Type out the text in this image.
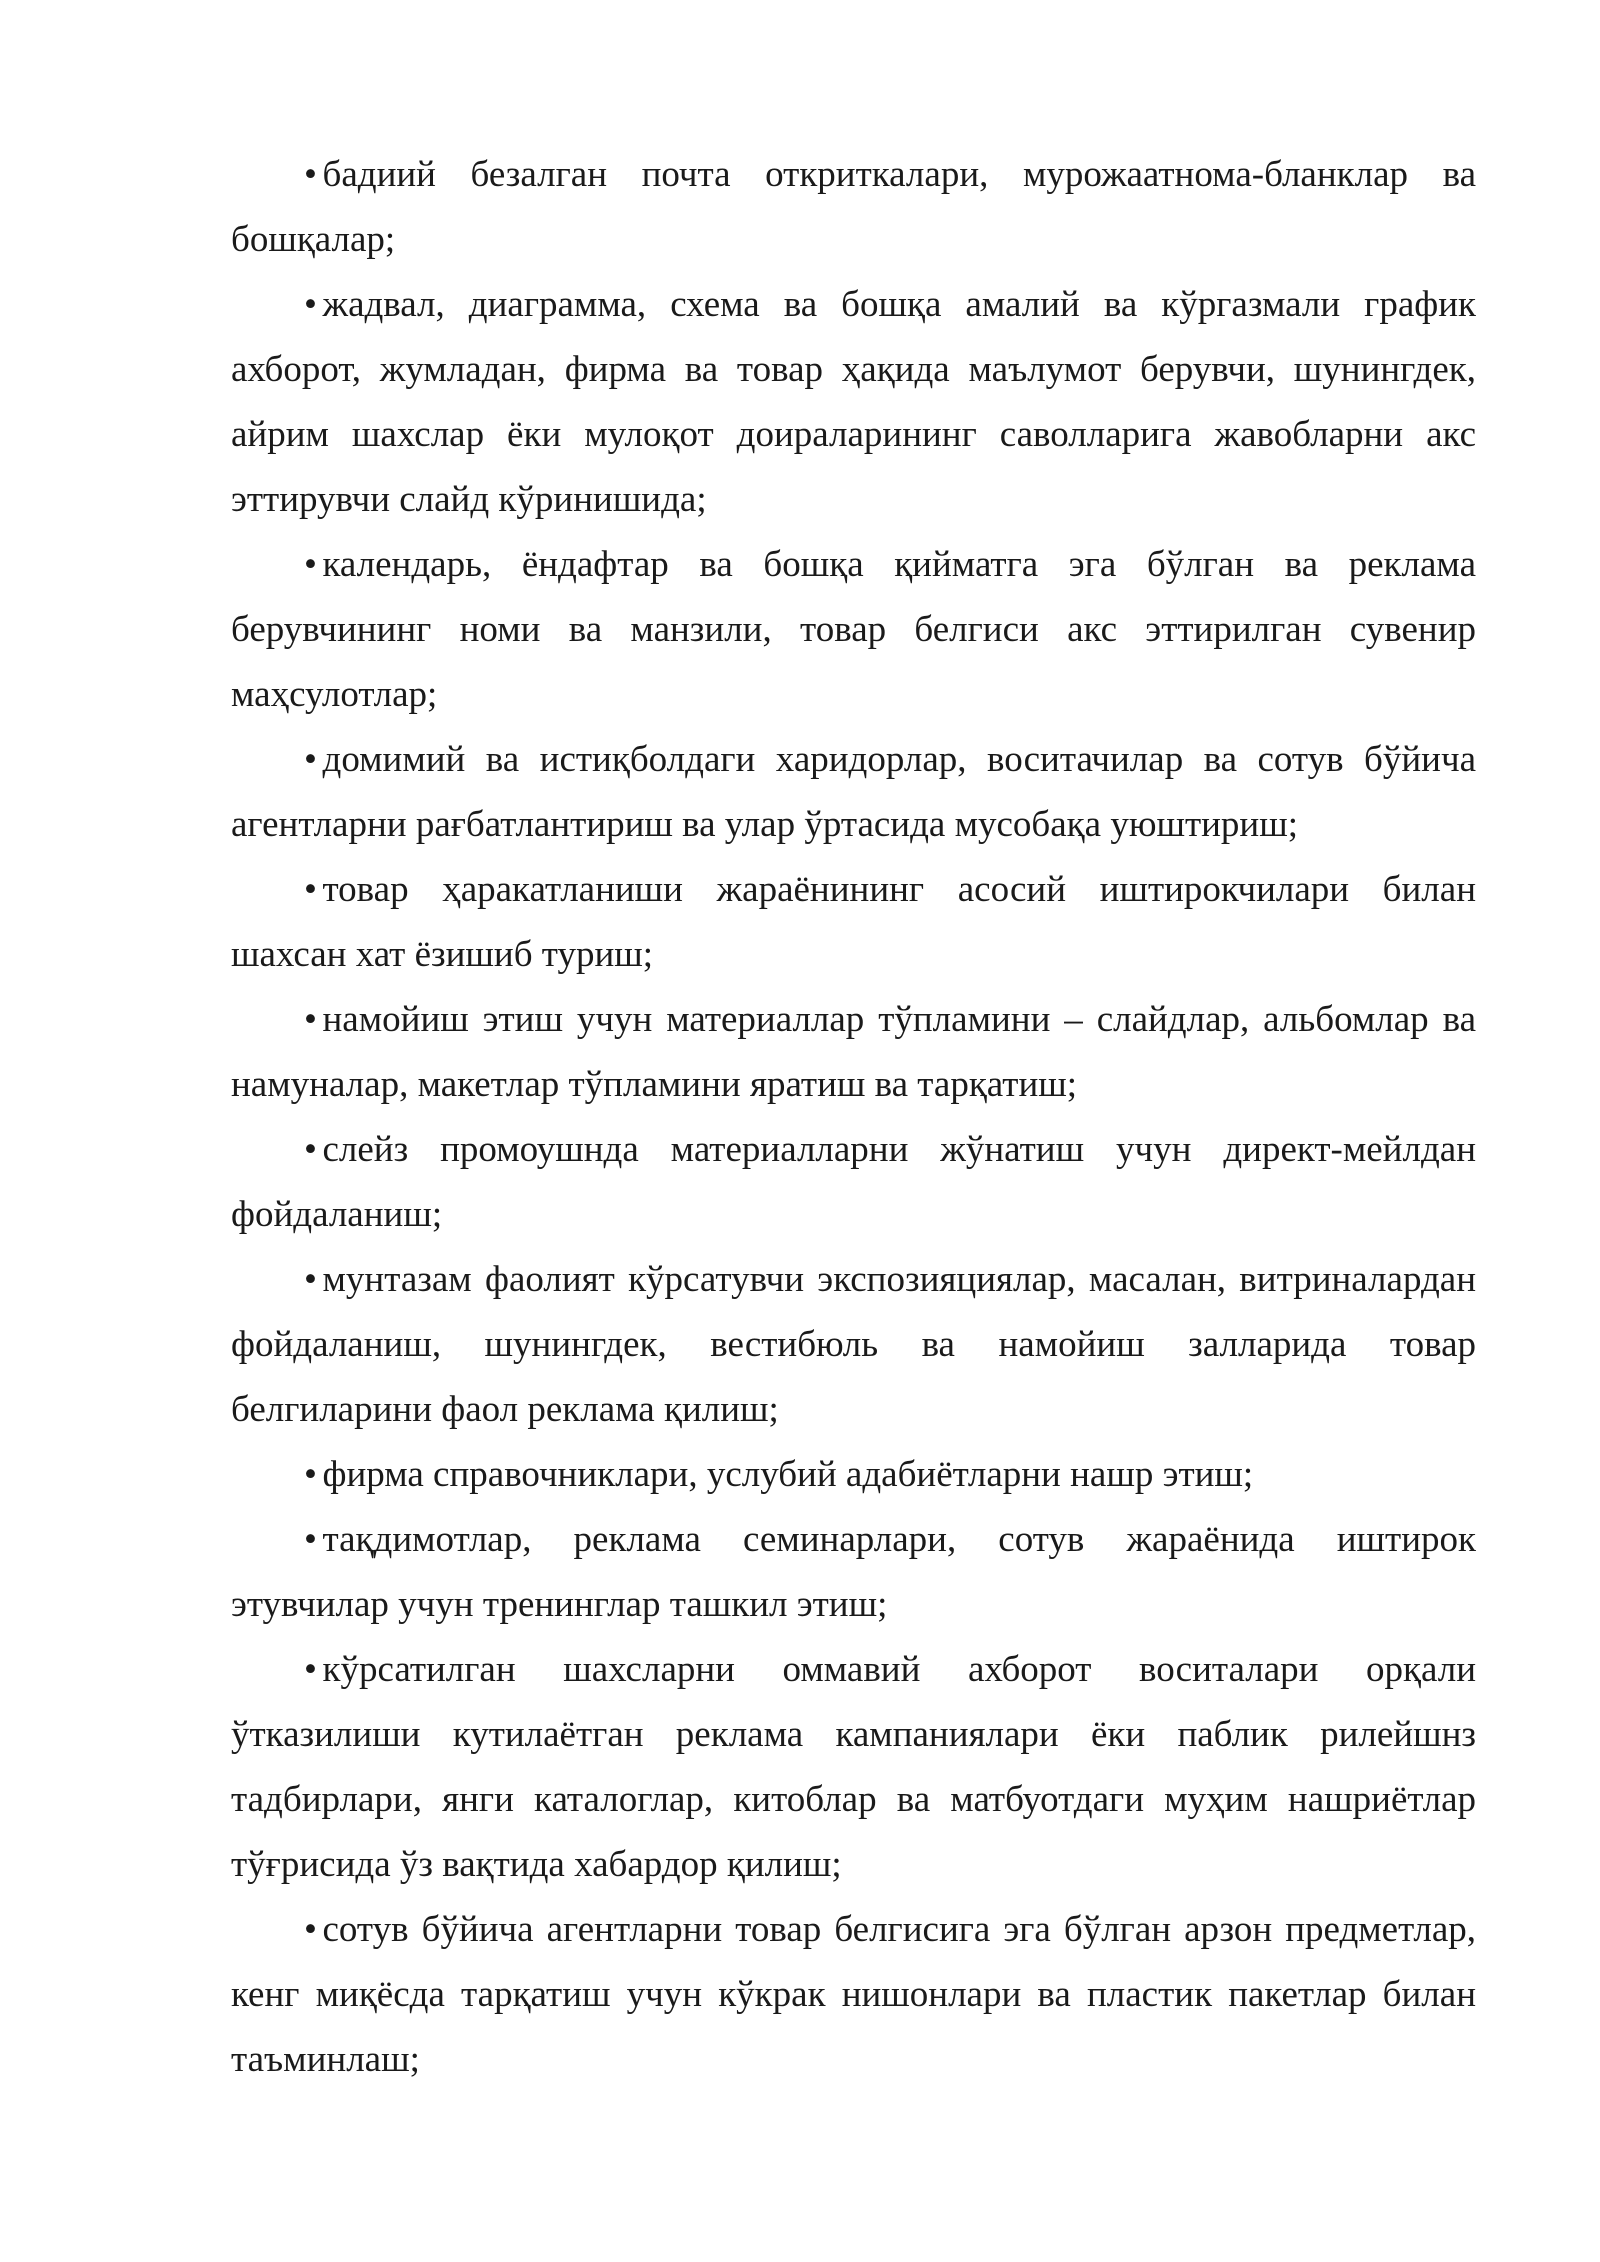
• бадиий безалган почта откриткалари, мурожаатнома-бланклар ва бошқалар;

• жадвал, диаграмма, схема ва бошқа амалий ва кўргазмали график ахборот, жумладан, фирма ва товар ҳақида маълумот берувчи, шунингдек, айрим шахслар ёки мулоқот доираларининг саволларига жавобларни акс эттирувчи слайд кўринишида;

• календарь, ёндафтар ва бошқа қийматга эга бўлган ва реклама берувчининг номи ва манзили, товар белгиси акс эттирилган сувенир маҳсулотлар;

• домимий ва истиқболдаги харидорлар, воситачилар ва сотув бўйича агентларни рағбатлантириш ва улар ўртасида мусобақа уюштириш;

• товар ҳаракатланиши жараёнининг асосий иштирокчилари билан шахсан хат ёзишиб туриш;

• намойиш этиш учун материаллар тўпламини – слайдлар, альбомлар ва намуналар, макетлар тўпламини яратиш ва тарқатиш;

• слейз промоушнда материалларни жўнатиш учун директ-мейлдан фойдаланиш;

• мунтазам фаолият кўрсатувчи экспозияциялар, масалан, витриналардан фойдаланиш, шунингдек, вестибюль ва намойиш залларида товар белгиларини фаол реклама қилиш;

• фирма справочниклари, услубий адабиётларни нашр этиш;

• тақдимотлар, реклама семинарлари, сотув жараёнида иштирок этувчилар учун тренинглар ташкил этиш;

• кўрсатилган шахсларни оммавий ахборот воситалари орқали ўтказилиши кутилаётган реклама кампаниялари ёки паблик рилейшнз тадбирлари, янги каталоглар, китоблар ва матбуотдаги муҳим нашриётлар тўғрисида ўз вақтида хабардор қилиш;

• сотув бўйича агентларни товар белгисига эга бўлган арзон предметлар, кенг миқёсда тарқатиш учун кўкрак нишонлари ва пластик пакетлар билан таъминлаш;
